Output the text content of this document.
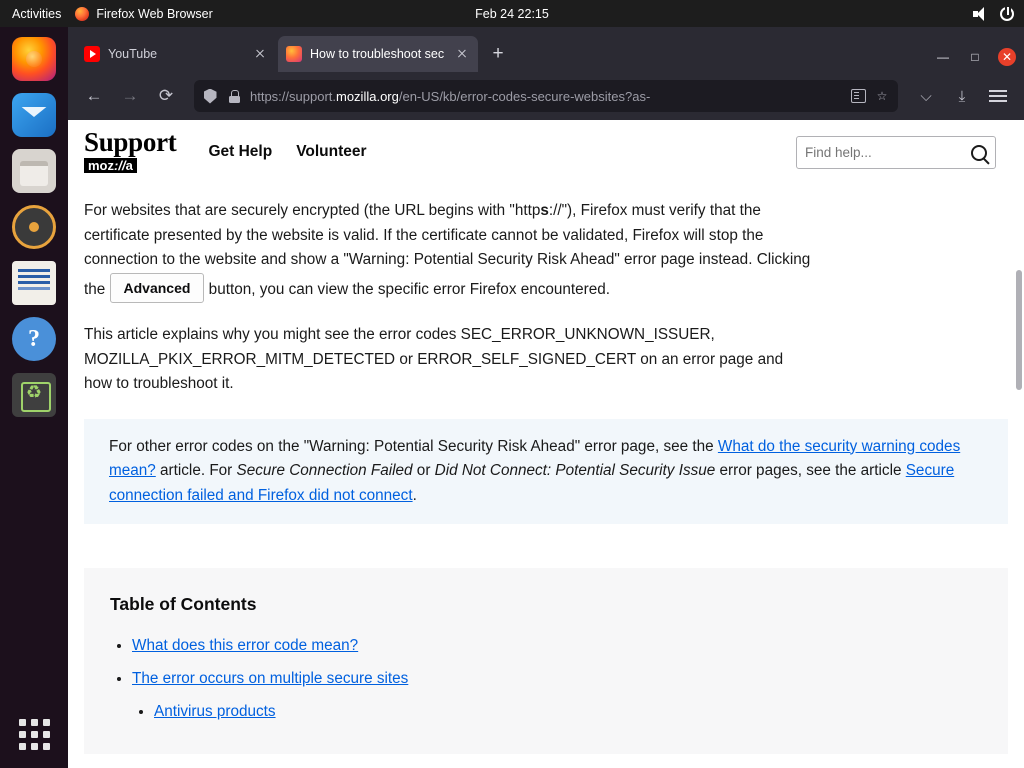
Activities	Firefox Web Browser	Feb 24 22:15
?
♻
YouTube	How to troubleshoot sec	+	—	□	✕
←	→	⟳	https://support.mozilla.org/en-US/kb/error-codes-secure-websites?as-	☆	⌵	⤓
Support
moz://a
Get Help Volunteer
Find help...

For websites that are securely encrypted (the URL begins with "https://"), Firefox must verify that the certificate presented by the website is valid. If the certificate cannot be validated, Firefox will stop the connection to the website and show a "Warning: Potential Security Risk Ahead" error page instead. Clicking the Advanced button, you can view the specific error Firefox encountered.

This article explains why you might see the error codes SEC_ERROR_UNKNOWN_ISSUER, MOZILLA_PKIX_ERROR_MITM_DETECTED or ERROR_SELF_SIGNED_CERT on an error page and how to troubleshoot it.

For other error codes on the "Warning: Potential Security Risk Ahead" error page, see the What do the security warning codes mean? article. For Secure Connection Failed or Did Not Connect: Potential Security Issue error pages, see the article Secure connection failed and Firefox did not connect.

Table of Contents
• What does this error code mean?
• The error occurs on multiple secure sites
• Antivirus products
